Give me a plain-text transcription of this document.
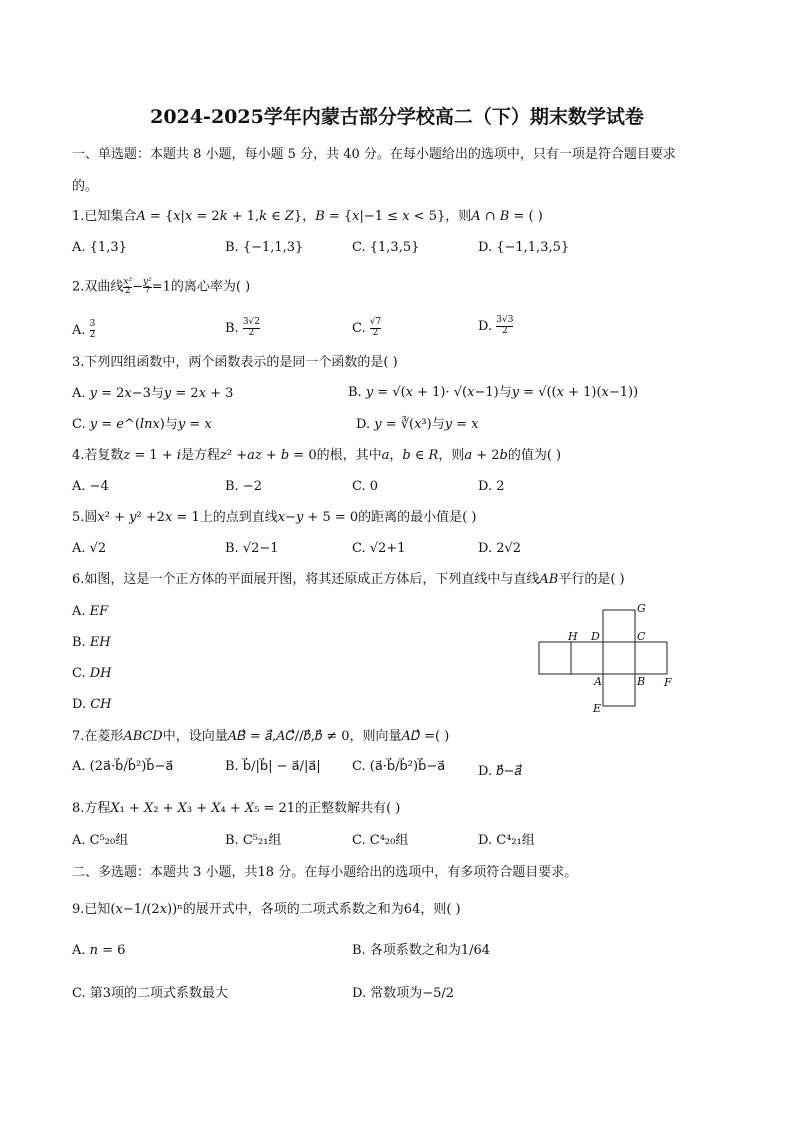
2024-2025学年内蒙古部分学校高二（下）期末数学试卷
一、单选题：本题共 8 小题，每小题 5 分，共 40 分。在每小题给出的选项中，只有一项是符合题目要求
的。
1.已知集合𝐴 = {𝑥|𝑥 = 2𝑘 + 1,𝑘 ∈ 𝑍}，𝐵 = {𝑥|−1 ≤ 𝑥 < 5}，则𝐴 ∩ 𝐵 = ( )
A. {1,3}	B. {−1,1,3}	C. {1,3,5}	D. {−1,1,3,5}
2.双曲线x²
2−y²
7=1的离心率为( )
A. 3
2	B. 3√2
2	C. √7
2	D. 3√3
2
3.下列四组函数中，两个函数表示的是同一个函数的是( )
A. 𝑦 = 2𝑥−3与𝑦 = 2𝑥 + 3	B. 𝑦 = √(𝑥 + 1)· √(𝑥−1)与𝑦 = √((𝑥 + 1)(𝑥−1))
C. 𝑦 = 𝑒^(𝑙𝑛𝑥)与𝑦 = 𝑥	D. 𝑦 = ∛(𝑥³)与𝑦 = 𝑥
4.若复数𝑧 = 1 + 𝑖是方程𝑧² +𝑎𝑧 + 𝑏 = 0的根，其中𝑎，𝑏 ∈ 𝑅，则𝑎 + 2𝑏的值为( )
A. −4	B. −2	C. 0	D. 2
5.圆𝑥² + 𝑦² +2𝑥 = 1上的点到直线𝑥−𝑦 + 5 = 0的距离的最小值是( )
A. √2	B. √2−1	C. √2+1	D. 2√2
6.如图，这是一个正方体的平面展开图，将其还原成正方体后，下列直线中与直线𝐴𝐵平行的是( )
A. 𝐸𝐹
B. 𝐸𝐻
C. 𝐷𝐻
D. 𝐶𝐻
G
H D	C
A	B F
E
7.在菱形𝐴𝐵𝐶𝐷中，设向量𝐴𝐵⃗ = 𝑎⃗,𝐴𝐶⃗//𝑏⃗,𝑏⃗ ≠ 0，则向量𝐴𝐷⃗ =( )
A. (2a⃗·b⃗/b⃗²)b⃗−a⃗	B. b⃗/|b⃗| − a⃗/|a⃗| C. (a⃗·b⃗/b⃗²)b⃗−a⃗	D. 𝑏⃗−𝑎⃗
8.方程𝑋₁ + 𝑋₂ + 𝑋₃ + 𝑋₄ + 𝑋₅ = 21的正整数解共有( )
A. C⁵₂₀组	B. C⁵₂₁组	C. C⁴₂₀组	D. C⁴₂₁组
二、多选题：本题共 3 小题，共18 分。在每小题给出的选项中，有多项符合题目要求。
9.已知(𝑥−1/(2𝑥))ⁿ的展开式中，各项的二项式系数之和为64，则( )
A. 𝑛 = 6	B. 各项系数之和为1/64
C. 第3项的二项式系数最大	D. 常数项为−5/2
